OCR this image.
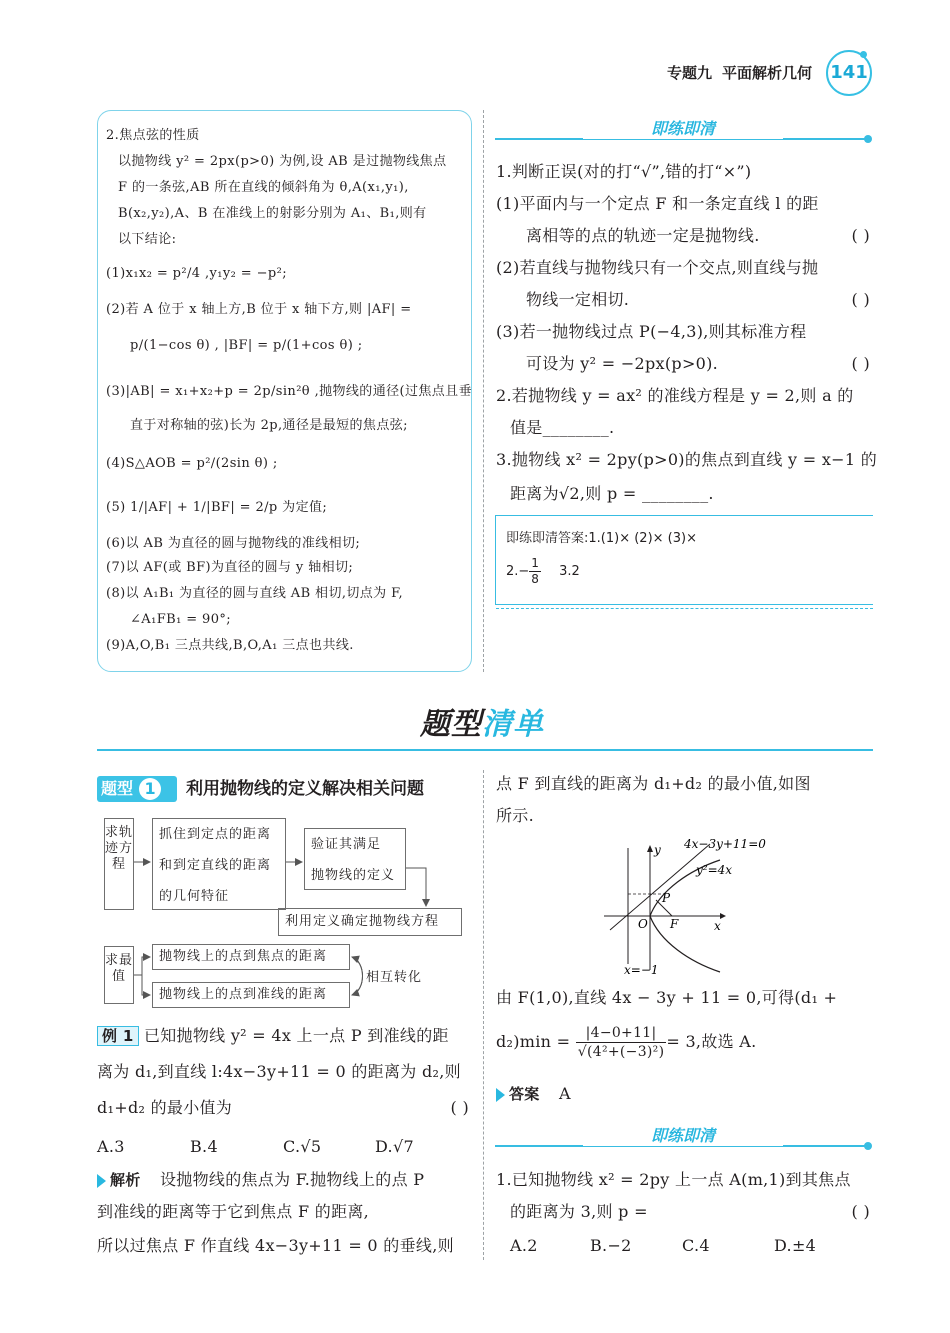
专题九 平面解析几何 141
2.焦点弦的性质
以抛物线 y² = 2px(p>0) 为例,设 AB 是过抛物线焦点
F 的一条弦,AB 所在直线的倾斜角为 θ,A(x₁,y₁),
B(x₂,y₂),A、B 在准线上的射影分别为 A₁、B₁,则有
以下结论:
(1)x₁x₂ = p²/4 ,y₁y₂ = −p²;
(2)若 A 位于 x 轴上方,B 位于 x 轴下方,则 |AF| =
p/(1−cos θ) , |BF| = p/(1+cos θ) ;
(3)|AB| = x₁+x₂+p = 2p/sin²θ ,抛物线的通径(过焦点且垂
直于对称轴的弦)长为 2p,通径是最短的焦点弦;
(4)S△AOB = p²/(2sin θ) ;
(5) 1/|AF| + 1/|BF| = 2/p 为定值;
(6)以 AB 为直径的圆与抛物线的准线相切;
(7)以 AF(或 BF)为直径的圆与 y 轴相切;
(8)以 A₁B₁ 为直径的圆与直线 AB 相切,切点为 F,
∠A₁FB₁ = 90°;
(9)A,O,B₁ 三点共线,B,O,A₁ 三点也共线.
即练即清
1.判断正误(对的打“√”,错的打“×”)
(1)平面内与一个定点 F 和一条定直线 l 的距
离相等的点的轨迹一定是抛物线.	( )
(2)若直线与抛物线只有一个交点,则直线与抛
物线一定相切.	( )
(3)若一抛物线过点 P(−4,3),则其标准方程
可设为 y² = −2px(p>0).	( )
2.若抛物线 y = ax² 的准线方程是 y = 2,则 a 的
值是________.
3.抛物线 x² = 2py(p>0)的焦点到直线 y = x−1 的
距离为√2,则 p = ________.
即练即清答案:1.(1)× (2)× (3)×
$2.- \frac{1}{8} 3.2$
题型清单
题型 1	利用抛物线的定义解决相关问题
求轨迹方程
抓住到定点的距离
和到定直线的距离
的几何特征
验证其满足
抛物线的定义
利用定义确定抛物线方程
求最值
抛物线上的点到焦点的距离
抛物线上的点到准线的距离
相互转化
例 1 已知抛物线 y² = 4x 上一点 P 到准线的距
离为 d₁,到直线 l:4x−3y+11 = 0 的距离为 d₂,则
d₁+d₂ 的最小值为	( )
A.3	B.4	C.√5	D.√7
解析 设抛物线的焦点为 F.抛物线上的点 P
到准线的距离等于它到焦点 F 的距离,
所以过焦点 F 作直线 4x−3y+11 = 0 的垂线,则
点 F 到直线的距离为 d₁+d₂ 的最小值,如图
所示.
4x−3y+11=0
y²=4x
x=−1
x
y
O F
P
由 F(1,0),直线 4x − 3y + 11 = 0,可得(d₁ +
$d_2)\min = \frac{|4-0+11|}{\text{√(4²+(−3)²)}} = 3$,故选 A.
答案 A
即练即清
1.已知抛物线 x² = 2py 上一点 A(m,1)到其焦点
的距离为 3,则 p =	( )
A.2	B.−2	C.4	D.±4
